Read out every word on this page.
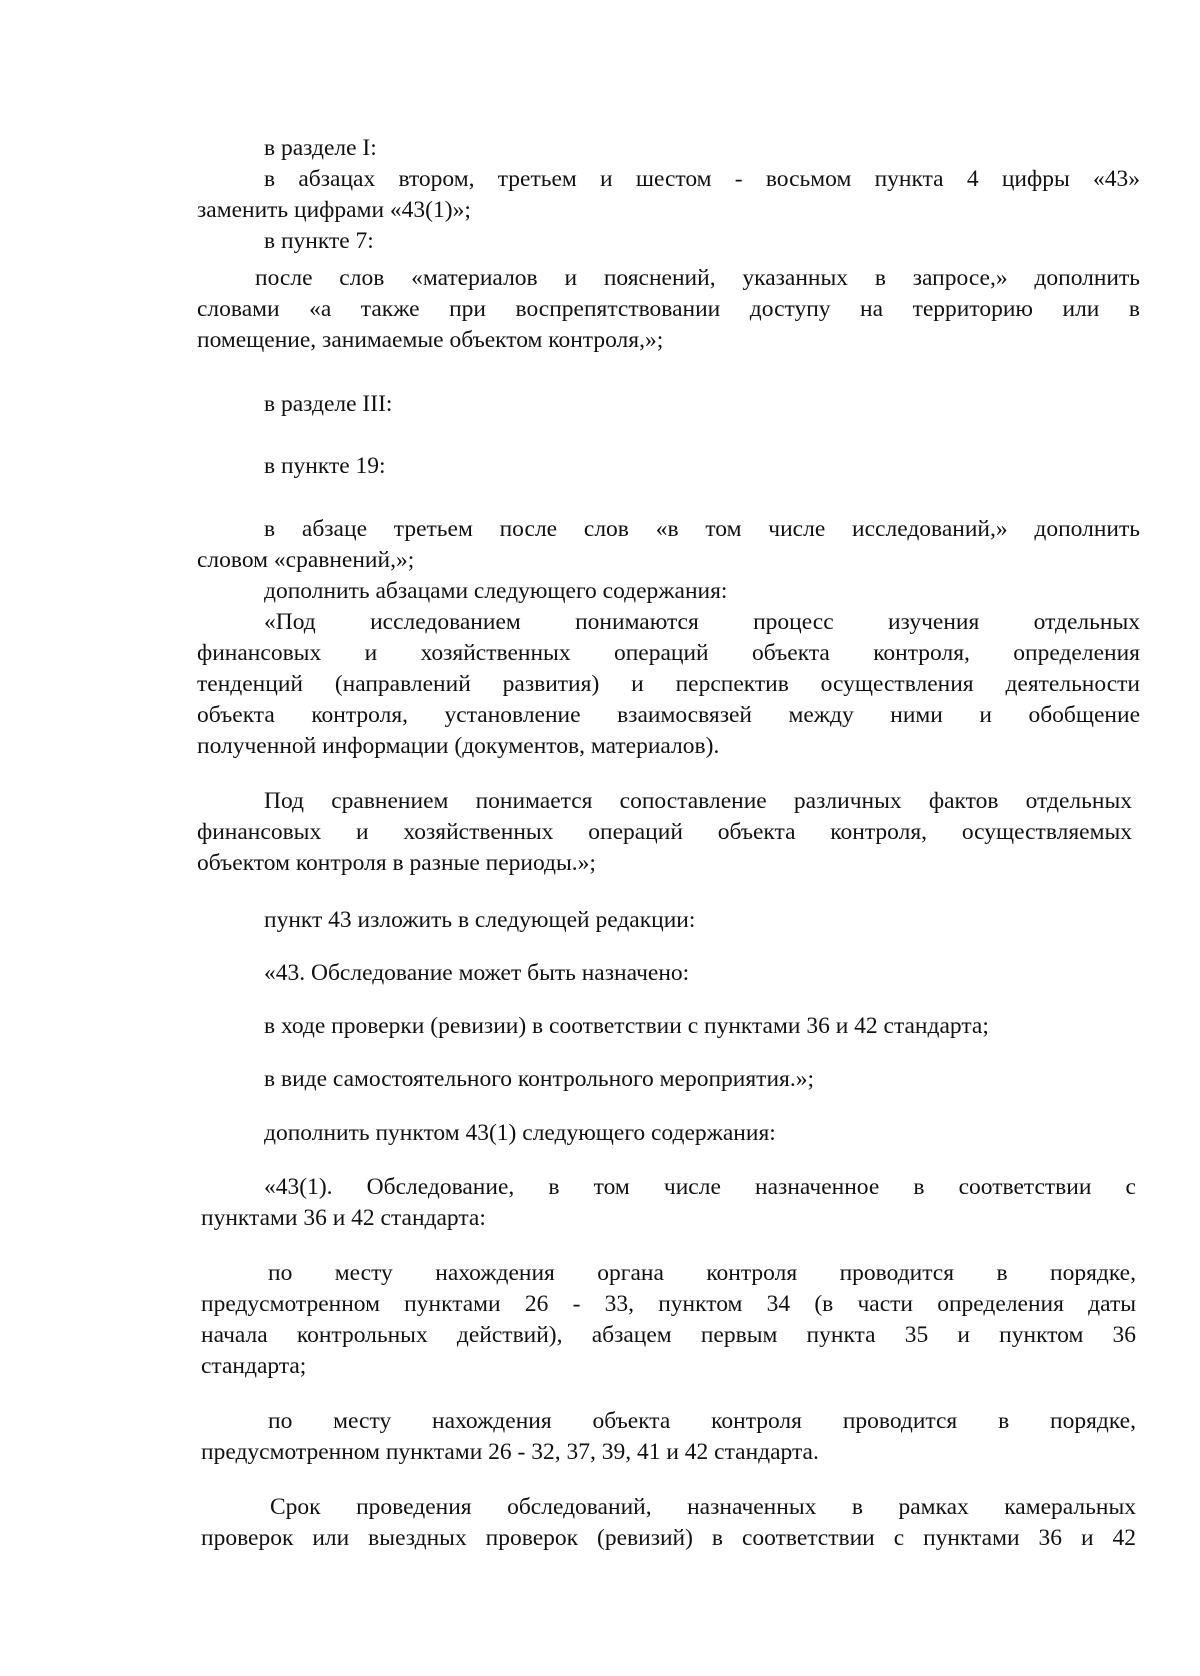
в разделе I:
в абзацах втором, третьем и шестом - восьмом пункта 4 цифры «43»
заменить цифрами «43(1)»;
в пункте 7:
после слов «материалов и пояснений, указанных в запросе,» дополнить
словами «а также при воспрепятствовании доступу на территорию или в
помещение, занимаемые объектом контроля,»;
в разделе III:
в пункте 19:
в абзаце третьем после слов «в том числе исследований,» дополнить
словом «сравнений,»;
дополнить абзацами следующего содержания:
«Под исследованием понимаются процесс изучения отдельных
финансовых и хозяйственных операций объекта контроля, определения
тенденций (направлений развития) и перспектив осуществления деятельности
объекта контроля, установление взаимосвязей между ними и обобщение
полученной информации (документов, материалов).
Под сравнением понимается сопоставление различных фактов отдельных
финансовых и хозяйственных операций объекта контроля, осуществляемых
объектом контроля в разные периоды.»;
пункт 43 изложить в следующей редакции:
«43. Обследование может быть назначено:
в ходе проверки (ревизии) в соответствии с пунктами 36 и 42 стандарта;
в виде самостоятельного контрольного мероприятия.»;
дополнить пунктом 43(1) следующего содержания:
«43(1). Обследование, в том числе назначенное в соответствии с
пунктами 36 и 42 стандарта:
по месту нахождения органа контроля проводится в порядке,
предусмотренном пунктами 26 - 33, пунктом 34 (в части определения даты
начала контрольных действий), абзацем первым пункта 35 и пунктом 36
стандарта;
по месту нахождения объекта контроля проводится в порядке,
предусмотренном пунктами 26 - 32, 37, 39, 41 и 42 стандарта.
Срок проведения обследований, назначенных в рамках камеральных
проверок или выездных проверок (ревизий) в соответствии с пунктами 36 и 42
